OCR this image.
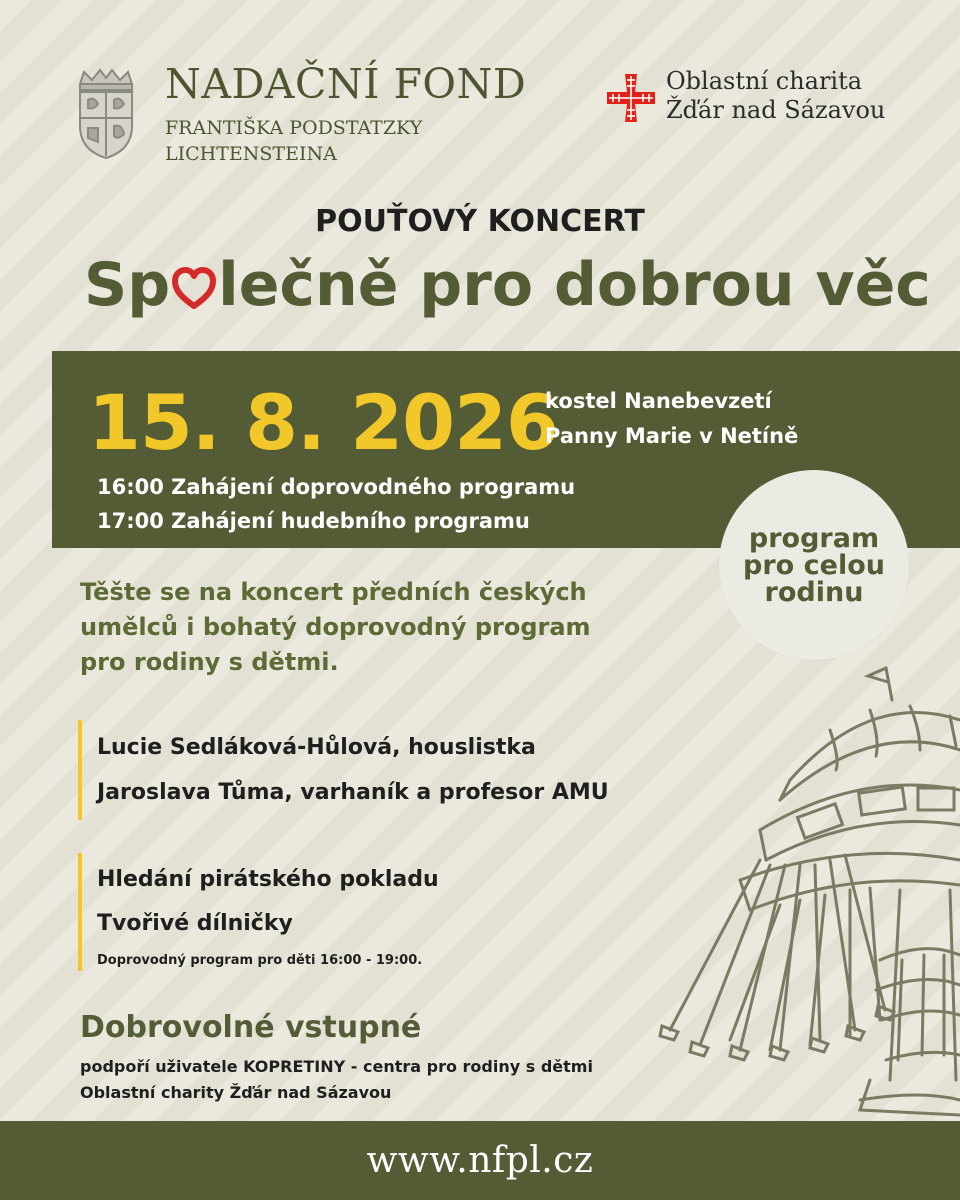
NADAČNÍ FOND
FRANTIŠKA PODSTATZKY
LICHTENSTEINA
Oblastní charita
Žďár nad Sázavou
POUŤOVÝ KONCERT
Sp lečně pro dobrou věc
15. 8. 2026
kostel Nanebevzetí
Panny Marie v Netíně
16:00 Zahájení doprovodného programu
17:00 Zahájení hudebního programu
program
pro celou
rodinu
Těšte se na koncert předních českých
umělců i bohatý doprovodný program
pro rodiny s dětmi.
Lucie Sedláková-Hůlová, houslistka
Jaroslava Tůma, varhaník a profesor AMU
Hledání pirátského pokladu
Tvořivé dílničky
Doprovodný program pro děti 16:00 - 19:00.
Dobrovolné vstupné
podpoří uživatele KOPRETINY - centra pro rodiny s dětmi
Oblastní charity Žďár nad Sázavou
www.nfpl.cz
